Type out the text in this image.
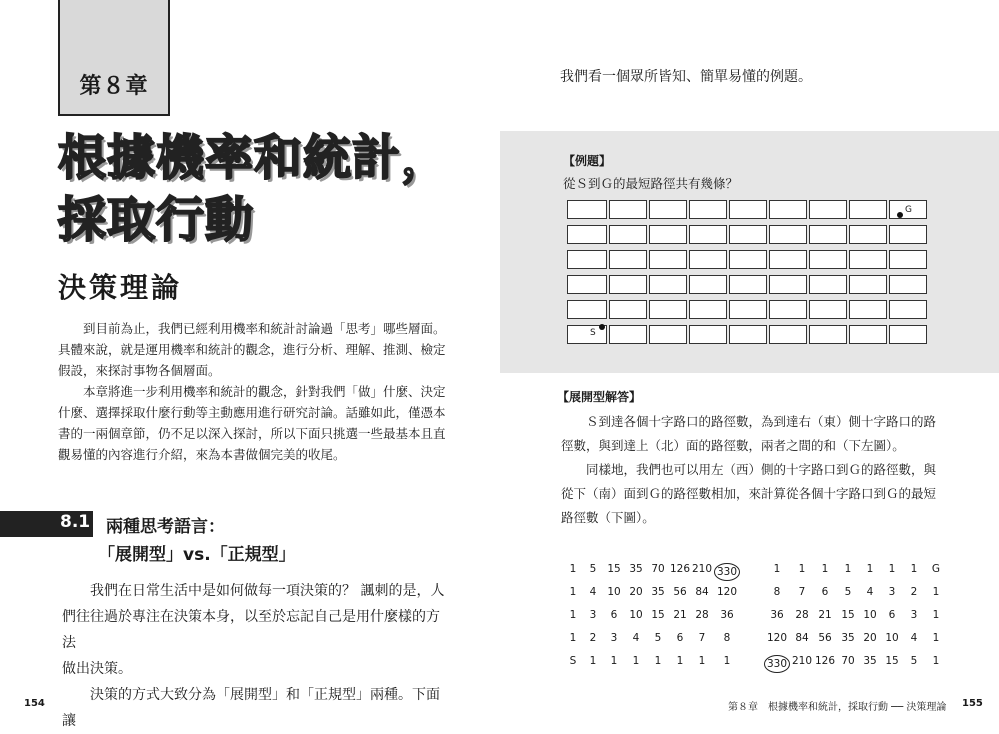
第８章
根據機率和統計，
採取行動
決策理論
　　到目前為止，我們已經利用機率和統計討論過「思考」哪些層面。
具體來說，就是運用機率和統計的觀念，進行分析、理解、推測、檢定
假設，來探討事物各個層面。
　　本章將進一步利用機率和統計的觀念，針對我們「做」什麼、決定
什麼、選擇採取什麼行動等主動應用進行研究討論。話雖如此，僅憑本
書的一兩個章節，仍不足以深入探討，所以下面只挑選一些最基本且直
觀易懂的內容進行介紹，來為本書做個完美的收尾。
8.1 兩種思考語言：
「展開型」vs.「正規型」
　　我們在日常生活中是如何做每一項決策的？ 諷刺的是，人
們往往過於專注在決策本身，以至於忘記自己是用什麼樣的方法
做出決策。
　　決策的方式大致分為「展開型」和「正規型」兩種。下面讓
154
我們看一個眾所皆知、簡單易懂的例題。
【例題】
從Ｓ到Ｇ的最短路徑共有幾條？
G
S
【展開型解答】
　　Ｓ到達各個十字路口的路徑數，為到達右（東）側十字路口的路
徑數，與到達上（北）面的路徑數，兩者之間的和（下左圖）。
　　同樣地，我們也可以用左（西）側的十字路口到Ｇ的路徑數，與
從下（南）面到Ｇ的路徑數相加，來計算從各個十字路口到Ｇ的最短
路徑數（下圖）。
1	5	15 35 70 126 210 330
1	4	10 20 35 56 84 120
1	3	6	10 15 21 28	36
1	2	3	4	5	6	7	8
S	1	1	1	1	1	1	1
1	1	1	1	1	1	1	G
8	7	6	5	4	3	2	1
36	28 21 15 10	6	3	1
120 84 56 35 20 10	4	1
330 210 126 70 35 15	5	1
第８章　根據機率和統計，採取行動 ── 決策理論 155
